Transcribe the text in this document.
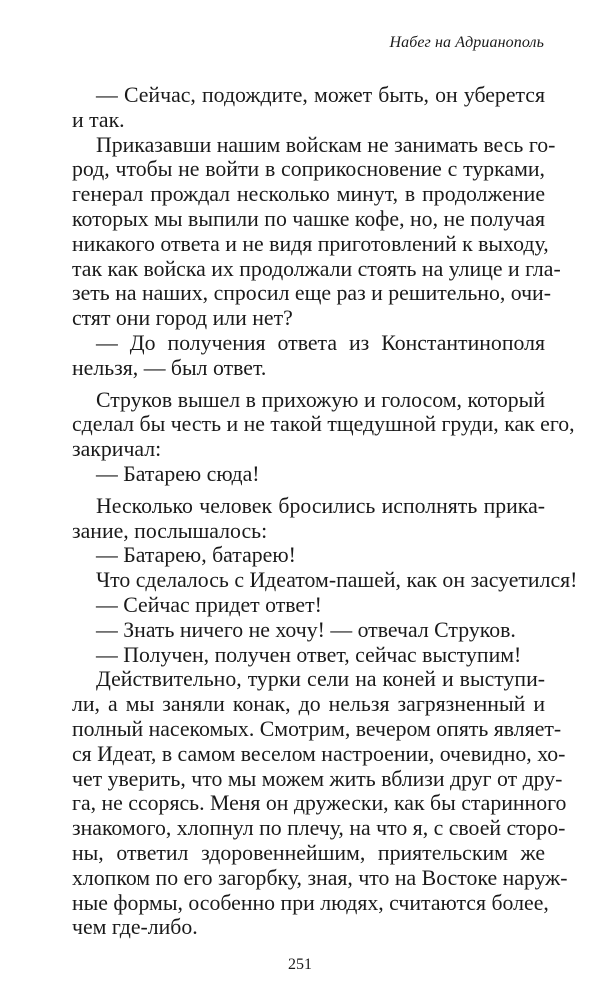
Набег на Адрианополь
— Сейчас, подождите, может быть, он уберется
и так.
Приказавши нашим войскам не занимать весь го-
род, чтобы не войти в соприкосновение с турками,
генерал прождал несколько минут, в продолжение
которых мы выпили по чашке кофе, но, не получая
никакого ответа и не видя приготовлений к выходу,
так как войска их продолжали стоять на улице и гла-
зеть на наших, спросил еще раз и решительно, очи-
стят они город или нет?
— До получения ответа из Константинополя
нельзя, — был ответ.
Струков вышел в прихожую и голосом, который
сделал бы честь и не такой тщедушной груди, как его,
закричал:
— Батарею сюда!
Несколько человек бросились исполнять прика-
зание, послышалось:
— Батарею, батарею!
Что сделалось с Идеатом-пашей, как он засуетился!
— Сейчас придет ответ!
— Знать ничего не хочу! — отвечал Струков.
— Получен, получен ответ, сейчас выступим!
Действительно, турки сели на коней и выступи-
ли, а мы заняли конак, до нельзя загрязненный и
полный насекомых. Смотрим, вечером опять являет-
ся Идеат, в самом веселом настроении, очевидно, хо-
чет уверить, что мы можем жить вблизи друг от дру-
га, не ссорясь. Меня он дружески, как бы старинного
знакомого, хлопнул по плечу, на что я, с своей сторо-
ны, ответил здоровеннейшим, приятельским же
хлопком по его загорбку, зная, что на Востоке наруж-
ные формы, особенно при людях, считаются более,
чем где-либо.
251
